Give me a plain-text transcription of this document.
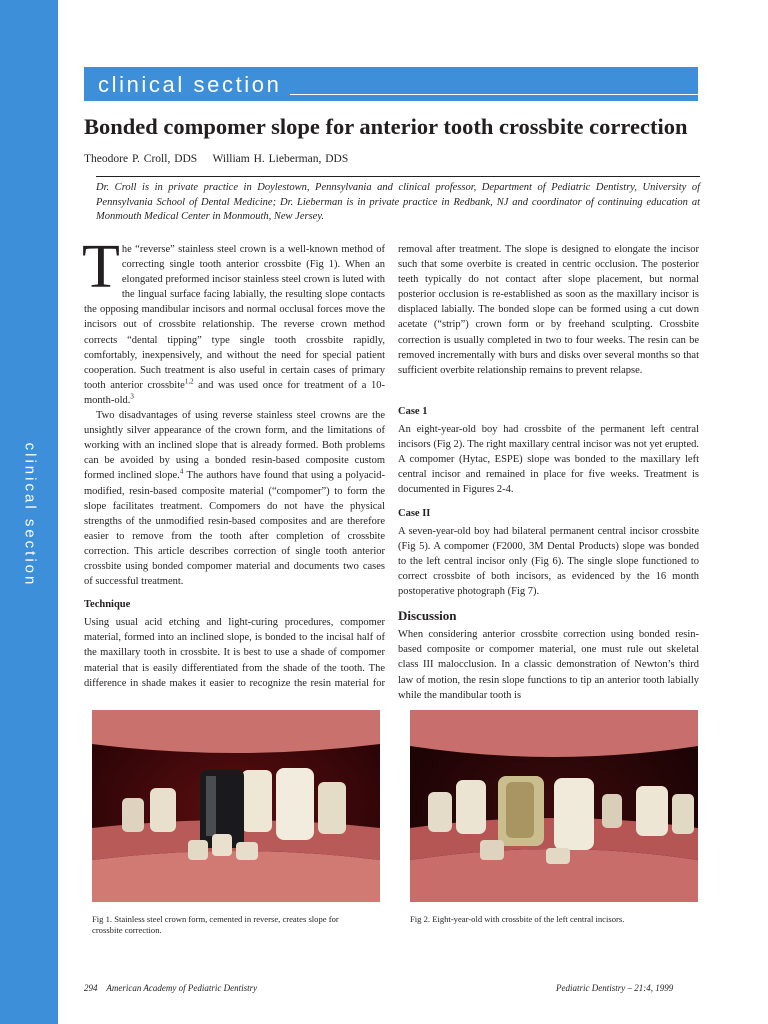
clinical section
clinical section
Bonded compomer slope for anterior tooth crossbite correction
Theodore P. Croll, DDS    William H. Lieberman, DDS
Dr. Croll is in private practice in Doylestown, Pennsylvania and clinical professor, Department of Pediatric Dentistry, University of Pennsylvania School of Dental Medicine; Dr. Lieberman is in private practice in Redbank, NJ and coordinator of continuing education at Monmouth Medical Center in Monmouth, New Jersey.

The “reverse” stainless steel crown is a well-known method of correcting single tooth anterior crossbite (Fig 1). When an elongated preformed incisor stainless steel crown is luted with the lingual surface facing labially, the resulting slope contacts the opposing mandibular incisors and normal occlusal forces move the incisors out of crossbite relationship. The reverse crown method corrects “dental tipping” type single tooth crossbite rapidly, comfortably, inexpensively, and without the need for special patient cooperation. Such treatment is also useful in certain cases of primary tooth anterior crossbite$^{1,2}$ and was used once for treatment of a 10-month-old.$^3$

Two disadvantages of using reverse stainless steel crowns are the unsightly silver appearance of the crown form, and the limitations of working with an inclined slope that is already formed. Both problems can be avoided by using a bonded resin-based composite custom formed inclined slope.$^4$ The authors have found that using a polyacid-modified, resin-based composite material (“compomer”) to form the slope facilitates treatment. Compomers do not have the physical strengths of the unmodified resin-based composites and are therefore easier to remove from the tooth after completion of crossbite correction. This article describes correction of single tooth anterior crossbite using bonded compomer material and documents two cases of successful treatment.

Technique

Using usual acid etching and light-curing procedures, compomer material, formed into an inclined slope, is bonded to the incisal half of the maxillary tooth in crossbite. It is best to use a shade of compomer material that is easily differentiated from the shade of the tooth. The difference in shade makes it easier to recognize the resin material for

removal after treatment. The slope is designed to elongate the incisor such that some overbite is created in centric occlusion. The posterior teeth typically do not contact after slope placement, but normal posterior occlusion is re-established as soon as the maxillary incisor is displaced labially. The bonded slope can be formed using a cut down acetate (“strip”) crown form or by freehand sculpting. Crossbite correction is usually completed in two to four weeks. The resin can be removed incrementally with burs and disks over several months so that sufficient overbite relationship remains to prevent relapse.

Case 1

An eight-year-old boy had crossbite of the permanent left central incisors (Fig 2). The right maxillary central incisor was not yet erupted. A compomer (Hytac, ESPE) slope was bonded to the maxillary left central incisor and remained in place for five weeks. Treatment is documented in Figures 2-4.

Case II

A seven-year-old boy had bilateral permanent central incisor crossbite (Fig 5). A compomer (F2000, 3M Dental Products) slope was bonded to the left central incisor only (Fig 6). The single slope functioned to correct crossbite of both incisors, as evidenced by the 16 month postoperative photograph (Fig 7).

Discussion

When considering anterior crossbite correction using bonded resin-based composite or compomer material, one must rule out skeletal class III malocclusion. In a classic demonstration of Newton’s third law of motion, the resin slope functions to tip an anterior tooth labially while the mandibular tooth is

Fig 1. Stainless steel crown form, cemented in reverse, creates slope for crossbite correction.
Fig 2. Eight-year-old with crossbite of the left central incisors.
294    American Academy of Pediatric Dentistry	Pediatric Dentistry – 21:4, 1999
